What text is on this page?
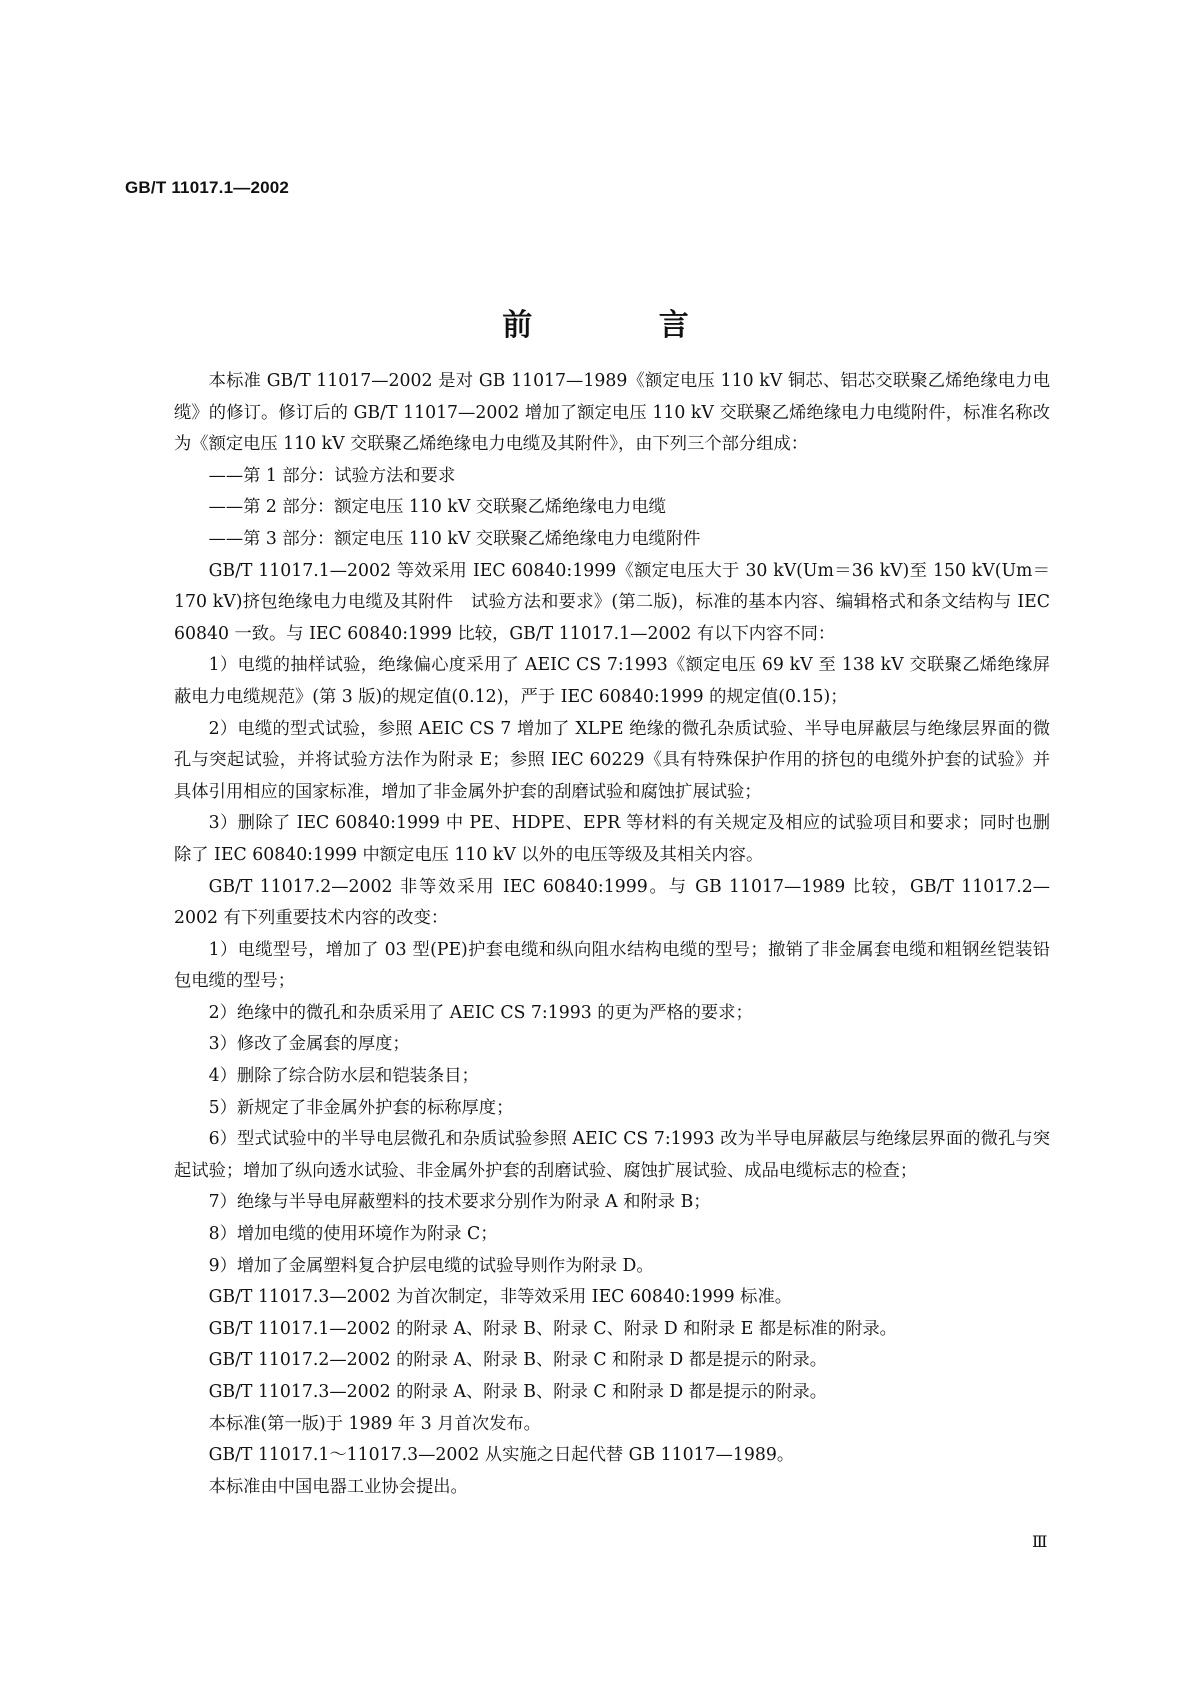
GB/T 11017.1—2002
前 言

本标准 GB/T 11017—2002 是对 GB 11017—1989《额定电压 110 kV 铜芯、铝芯交联聚乙烯绝缘电力电缆》的修订。修订后的 GB/T 11017—2002 增加了额定电压 110 kV 交联聚乙烯绝缘电力电缆附件，标准名称改为《额定电压 110 kV 交联聚乙烯绝缘电力电缆及其附件》，由下列三个部分组成：

——第 1 部分：试验方法和要求

——第 2 部分：额定电压 110 kV 交联聚乙烯绝缘电力电缆

——第 3 部分：额定电压 110 kV 交联聚乙烯绝缘电力电缆附件

GB/T 11017.1—2002 等效采用 IEC 60840:1999《额定电压大于 30 kV(Um＝36 kV)至 150 kV(Um＝170 kV)挤包绝缘电力电缆及其附件　试验方法和要求》(第二版)，标准的基本内容、编辑格式和条文结构与 IEC 60840 一致。与 IEC 60840:1999 比较，GB/T 11017.1—2002 有以下内容不同：

1）电缆的抽样试验，绝缘偏心度采用了 AEIC CS 7:1993《额定电压 69 kV 至 138 kV 交联聚乙烯绝缘屏蔽电力电缆规范》(第 3 版)的规定值(0.12)，严于 IEC 60840:1999 的规定值(0.15)；

2）电缆的型式试验，参照 AEIC CS 7 增加了 XLPE 绝缘的微孔杂质试验、半导电屏蔽层与绝缘层界面的微孔与突起试验，并将试验方法作为附录 E；参照 IEC 60229《具有特殊保护作用的挤包的电缆外护套的试验》并具体引用相应的国家标准，增加了非金属外护套的刮磨试验和腐蚀扩展试验；

3）删除了 IEC 60840:1999 中 PE、HDPE、EPR 等材料的有关规定及相应的试验项目和要求；同时也删除了 IEC 60840:1999 中额定电压 110 kV 以外的电压等级及其相关内容。

GB/T 11017.2—2002 非等效采用 IEC 60840:1999。与 GB 11017—1989 比较，GB/T 11017.2—2002 有下列重要技术内容的改变：

1）电缆型号，增加了 03 型(PE)护套电缆和纵向阻水结构电缆的型号；撤销了非金属套电缆和粗钢丝铠装铅包电缆的型号；

2）绝缘中的微孔和杂质采用了 AEIC CS 7:1993 的更为严格的要求；

3）修改了金属套的厚度；

4）删除了综合防水层和铠装条目；

5）新规定了非金属外护套的标称厚度；

6）型式试验中的半导电层微孔和杂质试验参照 AEIC CS 7:1993 改为半导电屏蔽层与绝缘层界面的微孔与突起试验；增加了纵向透水试验、非金属外护套的刮磨试验、腐蚀扩展试验、成品电缆标志的检查；

7）绝缘与半导电屏蔽塑料的技术要求分别作为附录 A 和附录 B；

8）增加电缆的使用环境作为附录 C；

9）增加了金属塑料复合护层电缆的试验导则作为附录 D。

GB/T 11017.3—2002 为首次制定，非等效采用 IEC 60840:1999 标准。

GB/T 11017.1—2002 的附录 A、附录 B、附录 C、附录 D 和附录 E 都是标准的附录。

GB/T 11017.2—2002 的附录 A、附录 B、附录 C 和附录 D 都是提示的附录。

GB/T 11017.3—2002 的附录 A、附录 B、附录 C 和附录 D 都是提示的附录。

本标准(第一版)于 1989 年 3 月首次发布。

GB/T 11017.1～11017.3—2002 从实施之日起代替 GB 11017—1989。

本标准由中国电器工业协会提出。

Ⅲ
